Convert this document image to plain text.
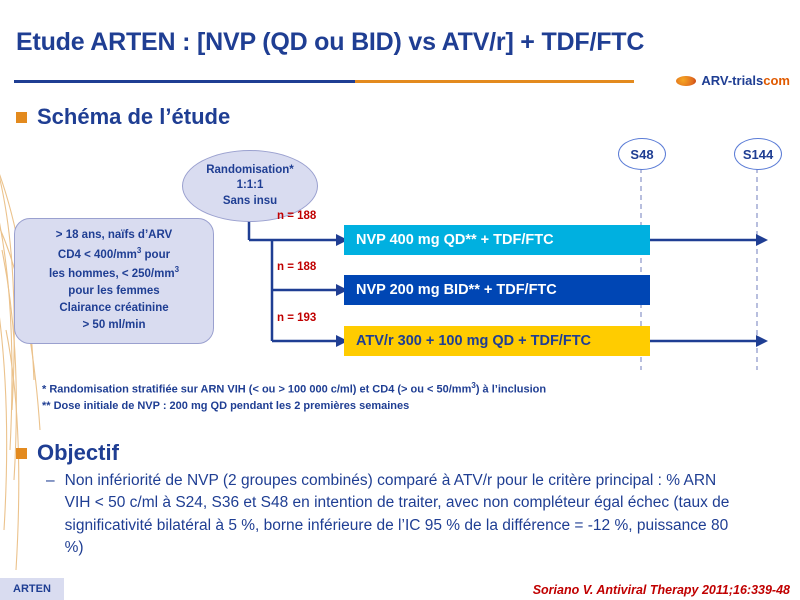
Etude ARTEN : [NVP (QD ou BID) vs ATV/r] + TDF/FTC
ARV-trials com
Schéma de l’étude
Randomisation*
1:1:1
Sans insu
> 18 ans, naïfs d’ARV
$CD4 < 400/mm^3$ pour
les hommes, < $250/mm^3$
pour les femmes
Clairance créatinine
> 50 ml/min
n = 188
n = 188
n = 193
NVP 400 mg QD** + TDF/FTC
NVP 200 mg BID** + TDF/FTC
ATV/r 300 + 100 mg QD + TDF/FTC
S48	S144
* Randomisation stratifiée sur ARN VIH (< ou > 100 000 c/ml) et CD4 (> ou < $50/mm^3$) à l’inclusion
** Dose initiale de NVP : 200 mg QD pendant les 2 premières semaines
Objectif
– Non infériorité de NVP (2 groupes combinés) comparé à ATV/r pour le critère principal : % ARN VIH < 50 c/ml à S24, S36 et S48 en intention de traiter, avec non compléteur égal échec (taux de significativité bilatéral à 5 %, borne inférieure de l’IC 95 % de la différence = -12 %, puissance 80 %)
ARTEN	Soriano V. Antiviral Therapy 2011;16:339-48
